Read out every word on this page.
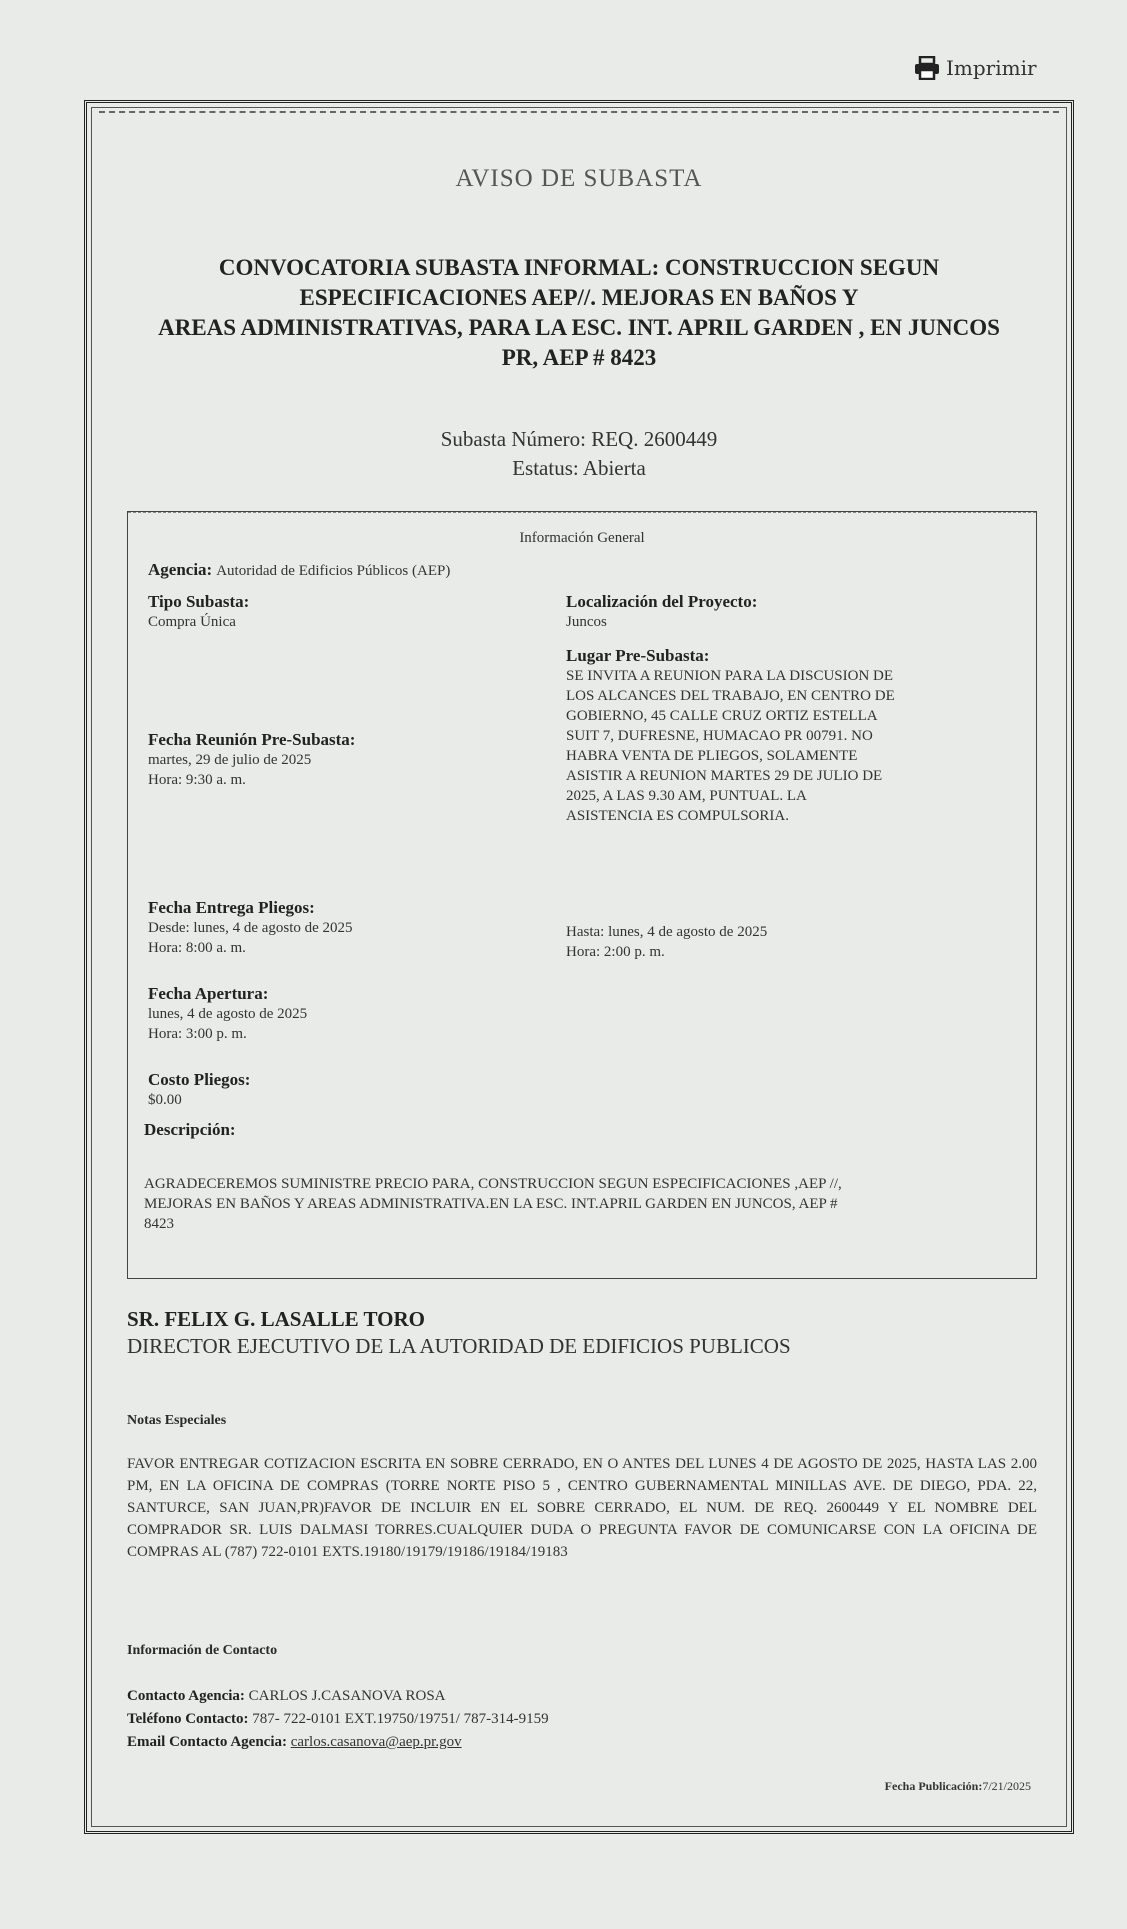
Imprimir
AVISO DE SUBASTA
CONVOCATORIA SUBASTA INFORMAL: CONSTRUCCION SEGUN
ESPECIFICACIONES AEP//. MEJORAS EN BAÑOS Y
AREAS ADMINISTRATIVAS, PARA LA ESC. INT. APRIL GARDEN , EN JUNCOS
PR, AEP # 8423
Subasta Número: REQ. 2600449
Estatus: Abierta
Información General
Agencia: Autoridad de Edificios Públicos (AEP)
Tipo Subasta:
Compra Única
Localización del Proyecto:
Juncos
Lugar Pre-Subasta:
SE INVITA A REUNION PARA LA DISCUSION DE
LOS ALCANCES DEL TRABAJO, EN CENTRO DE
GOBIERNO, 45 CALLE CRUZ ORTIZ ESTELLA
SUIT 7, DUFRESNE, HUMACAO PR 00791. NO
HABRA VENTA DE PLIEGOS, SOLAMENTE
ASISTIR A REUNION MARTES 29 DE JULIO DE
2025, A LAS 9.30 AM, PUNTUAL. LA
ASISTENCIA ES COMPULSORIA.
Fecha Reunión Pre-Subasta:
martes, 29 de julio de 2025
Hora: 9:30 a. m.
Fecha Entrega Pliegos:
Desde: lunes, 4 de agosto de 2025
Hora: 8:00 a. m.
Hasta: lunes, 4 de agosto de 2025
Hora: 2:00 p. m.
Fecha Apertura:
lunes, 4 de agosto de 2025
Hora: 3:00 p. m.
Costo Pliegos:
$0.00
Descripción:
AGRADECEREMOS SUMINISTRE PRECIO PARA, CONSTRUCCION SEGUN ESPECIFICACIONES ,AEP //,
MEJORAS EN BAÑOS Y AREAS ADMINISTRATIVA.EN LA ESC. INT.APRIL GARDEN EN JUNCOS, AEP #
8423
SR. FELIX G. LASALLE TORO
DIRECTOR EJECUTIVO DE LA AUTORIDAD DE EDIFICIOS PUBLICOS
Notas Especiales
FAVOR ENTREGAR COTIZACION ESCRITA EN SOBRE CERRADO, EN O ANTES DEL LUNES 4 DE AGOSTO DE 2025, HASTA LAS 2.00 PM, EN LA OFICINA DE COMPRAS (TORRE NORTE PISO 5 , CENTRO GUBERNAMENTAL MINILLAS AVE. DE DIEGO, PDA. 22, SANTURCE, SAN JUAN,PR)FAVOR DE INCLUIR EN EL SOBRE CERRADO, EL NUM. DE REQ. 2600449 Y EL NOMBRE DEL COMPRADOR SR. LUIS DALMASI TORRES.CUALQUIER DUDA O PREGUNTA FAVOR DE COMUNICARSE CON LA OFICINA DE COMPRAS AL (787) 722-0101 EXTS.19180/19179/19186/19184/19183
Información de Contacto
Contacto Agencia: CARLOS J.CASANOVA ROSA
Teléfono Contacto: 787- 722-0101 EXT.19750/19751/ 787-314-9159
Email Contacto Agencia: carlos.casanova@aep.pr.gov
Fecha Publicación:7/21/2025
